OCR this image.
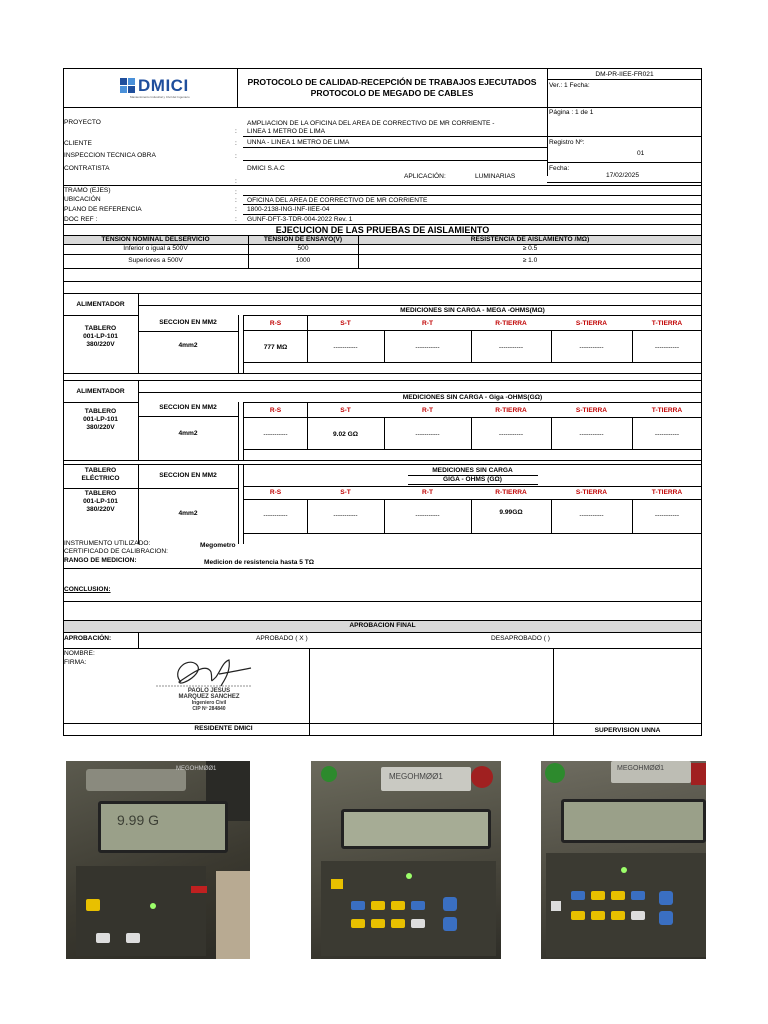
DMICI
Mantenimiento Industrial y Civil del Ingeniero
PROTOCOLO DE CALIDAD-RECEPCIÓN DE TRABAJOS EJECUTADOS
PROTOCOLO DE MEGADO DE CABLES
DM-PR-IIEE-FR021
Ver.: 1 Fecha:
Página : 1 de 1
Registro Nº:
01
Fecha:
17/02/2025
PROYECTO	AMPLIACION DE LA OFICINA DEL AREA DE CORRECTIVO DE MR CORRIENTE -
: LINEA 1 METRO DE LIMA
CLIENTE	: UNNA - LINEA 1 METRO DE LIMA
INSPECCION TECNICA OBRA	:
CONTRATISTA	DMICI S.A.C
APLICACIÓN:	LUMINARIAS
:
TRAMO (EJES)	:
UBICACIÓN	: OFICINA DEL AREA DE CORRECTIVO DE MR CORRIENTE
PLANO DE REFERENCIA	: 1800-2138-ING-INF-IIEE-04
DOC REF :	: GUNF-DFT-3-TDR-004-2022 Rev. 1
EJECUCION DE LAS PRUEBAS DE AISLAMIENTO
TENSION NOMINAL DELSERVICIO	TENSION DE ENSAYO(V)	RESISTENCIA DE AISLAMIENTO /MΩ)
Inferior o igual a 500V	500	≥ 0.5
Superiores a 500V	1000	≥ 1.0
ALIMENTADOR
MEDICIONES SIN CARGA - MEGA -OHMS(MΩ)
TABLERO
001-LP-101
380/220V
SECCION EN MM2
4mm2
R-S	S-T	R-T	R-TIERRA	S-TIERRA	T-TIERRA
777 MΩ	-----------	-----------	-----------	-----------	-----------
ALIMENTADOR
MEDICIONES SIN CARGA - Giga -OHMS(GΩ)
TABLERO
001-LP-101
380/220V
SECCION EN MM2
4mm2
R-S	S-T	R-T	R-TIERRA	S-TIERRA	T-TIERRA
-----------	9.02 GΩ	-----------	-----------	-----------	-----------
TABLERO
ELÉCTRICO	SECCION EN MM2
MEDICIONES SIN CARGA
GIGA - OHMS (GΩ)
TABLERO
001-LP-101
380/220V
4mm2
R-S	S-T	R-T	R-TIERRA	S-TIERRA	T-TIERRA
-----------	-----------	-----------	9.99GΩ	-----------	-----------
INSTRUMENTO UTILIZADO:	Megometro
CERTIFICADO DE CALIBRACION:
RANGO DE MEDICION:	Medicion de resistencia hasta 5 TΩ
CONCLUSION:
APROBACION FINAL
APROBACIÓN:	APROBADO ( X )	DESAPROBADO ( )
NOMBRE:
FIRMA:
PAOLO JESUS
MARQUEZ SANCHEZ
Ingeniero Civil
CIP Nº 284840
RESIDENTE DMICI	SUPERVISION UNNA
MEGOHMØØ1
9.99 G
MEGOHMØØ1
MEGOHMØØ1
